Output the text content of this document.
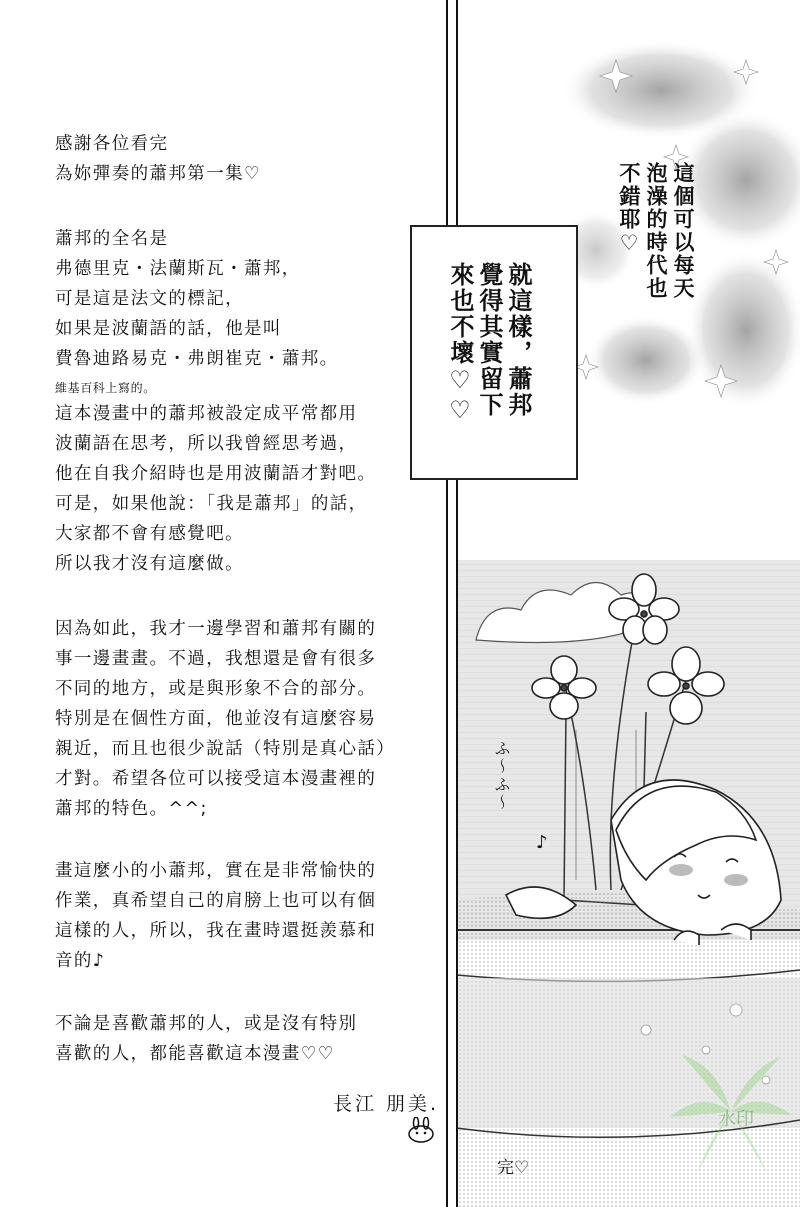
感謝各位看完
為妳彈奏的蕭邦第一集♡
蕭邦的全名是
弗德里克・法蘭斯瓦・蕭邦，
可是這是法文的標記，
如果是波蘭語的話，他是叫
費魯迪路易克・弗朗崔克・蕭邦。
維基百科上寫的。
這本漫畫中的蕭邦被設定成平常都用
波蘭語在思考，所以我曾經思考過，
他在自我介紹時也是用波蘭語才對吧。
可是，如果他說：「我是蕭邦」的話，
大家都不會有感覺吧。
所以我才沒有這麼做。
因為如此，我才一邊學習和蕭邦有關的
事一邊畫畫。不過，我想還是會有很多
不同的地方，或是與形象不合的部分。
特別是在個性方面，他並沒有這麼容易
親近，而且也很少說話（特別是真心話）
才對。希望各位可以接受這本漫畫裡的
蕭邦的特色。^^;
畫這麼小的小蕭邦，實在是非常愉快的
作業，真希望自己的肩膀上也可以有個
這樣的人，所以，我在畫時還挺羨慕和
音的♪
不論是喜歡蕭邦的人，或是沒有特別
喜歡的人，都能喜歡這本漫畫♡♡
長江 朋美.
ふ～ふ～
♪
這個可以每天泡澡的時代也不錯耶♡
就這樣，蕭邦覺得其實留下來也不壞♡♡
完♡
水印
